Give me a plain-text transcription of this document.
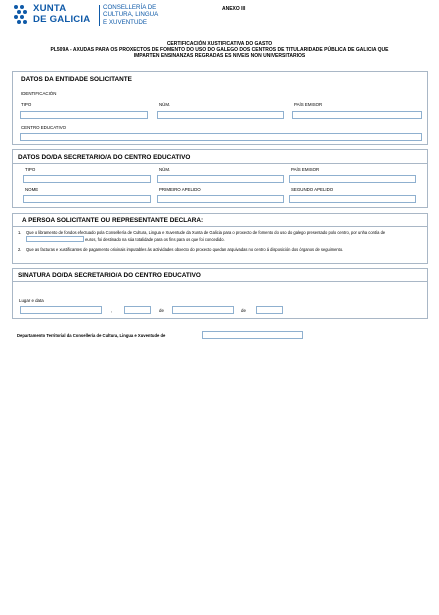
XUNTA
DE GALICIA
CONSELLERÍA DE
CULTURA, LINGUA
E XUVENTUDE
ANEXO III
CERTIFICACIÓN XUSTIFICATIVA DO GASTO
PL509A - AXUDAS PARA OS PROXECTOS DE FOMENTO DO USO DO GALEGO DOS CENTROS DE TITULARIDADE PÚBLICA DE GALICIA QUE
IMPARTEN ENSINANZAS REGRADAS ES NIVEIS NON UNIVERSITARIOS
DATOS DA ENTIDADE SOLICITANTE
IDENTIFICACIÓN
TIPO	NÚM.	PAÍS EMISOR
CENTRO EDUCATIVO
DATOS DO/DA SECRETARIO/A DO CENTRO EDUCATIVO
TIPO	NÚM.	PAÍS EMISOR
NOME	PRIMEIRO APELIDO	SEGUNDO APELIDO
A PERSOA SOLICITANTE OU REPRESENTANTE DECLARA:
1. Que o libramento de fondos efectuado pola Consellería de Cultura, Lingua e Xuventude da Xunta de Galicia para o proxecto de fomento do uso do galego presentado polo centro, por unha contía de  euros, foi destinado na súa totalidade para os fins para os que foi concedido.
2. Que as facturas e xustificantes de pagamento orixinais imputables ás actividades obxecto do proxecto quedan arquivadas no centro á disposición dos órganos de seguimento.
SINATURA DO/DA SECRETARIO/A DO CENTRO EDUCATIVO
Lugar e data
,	de	de
Departamento Territorial da Consellería de Cultura, Lingua e Xuventude de
